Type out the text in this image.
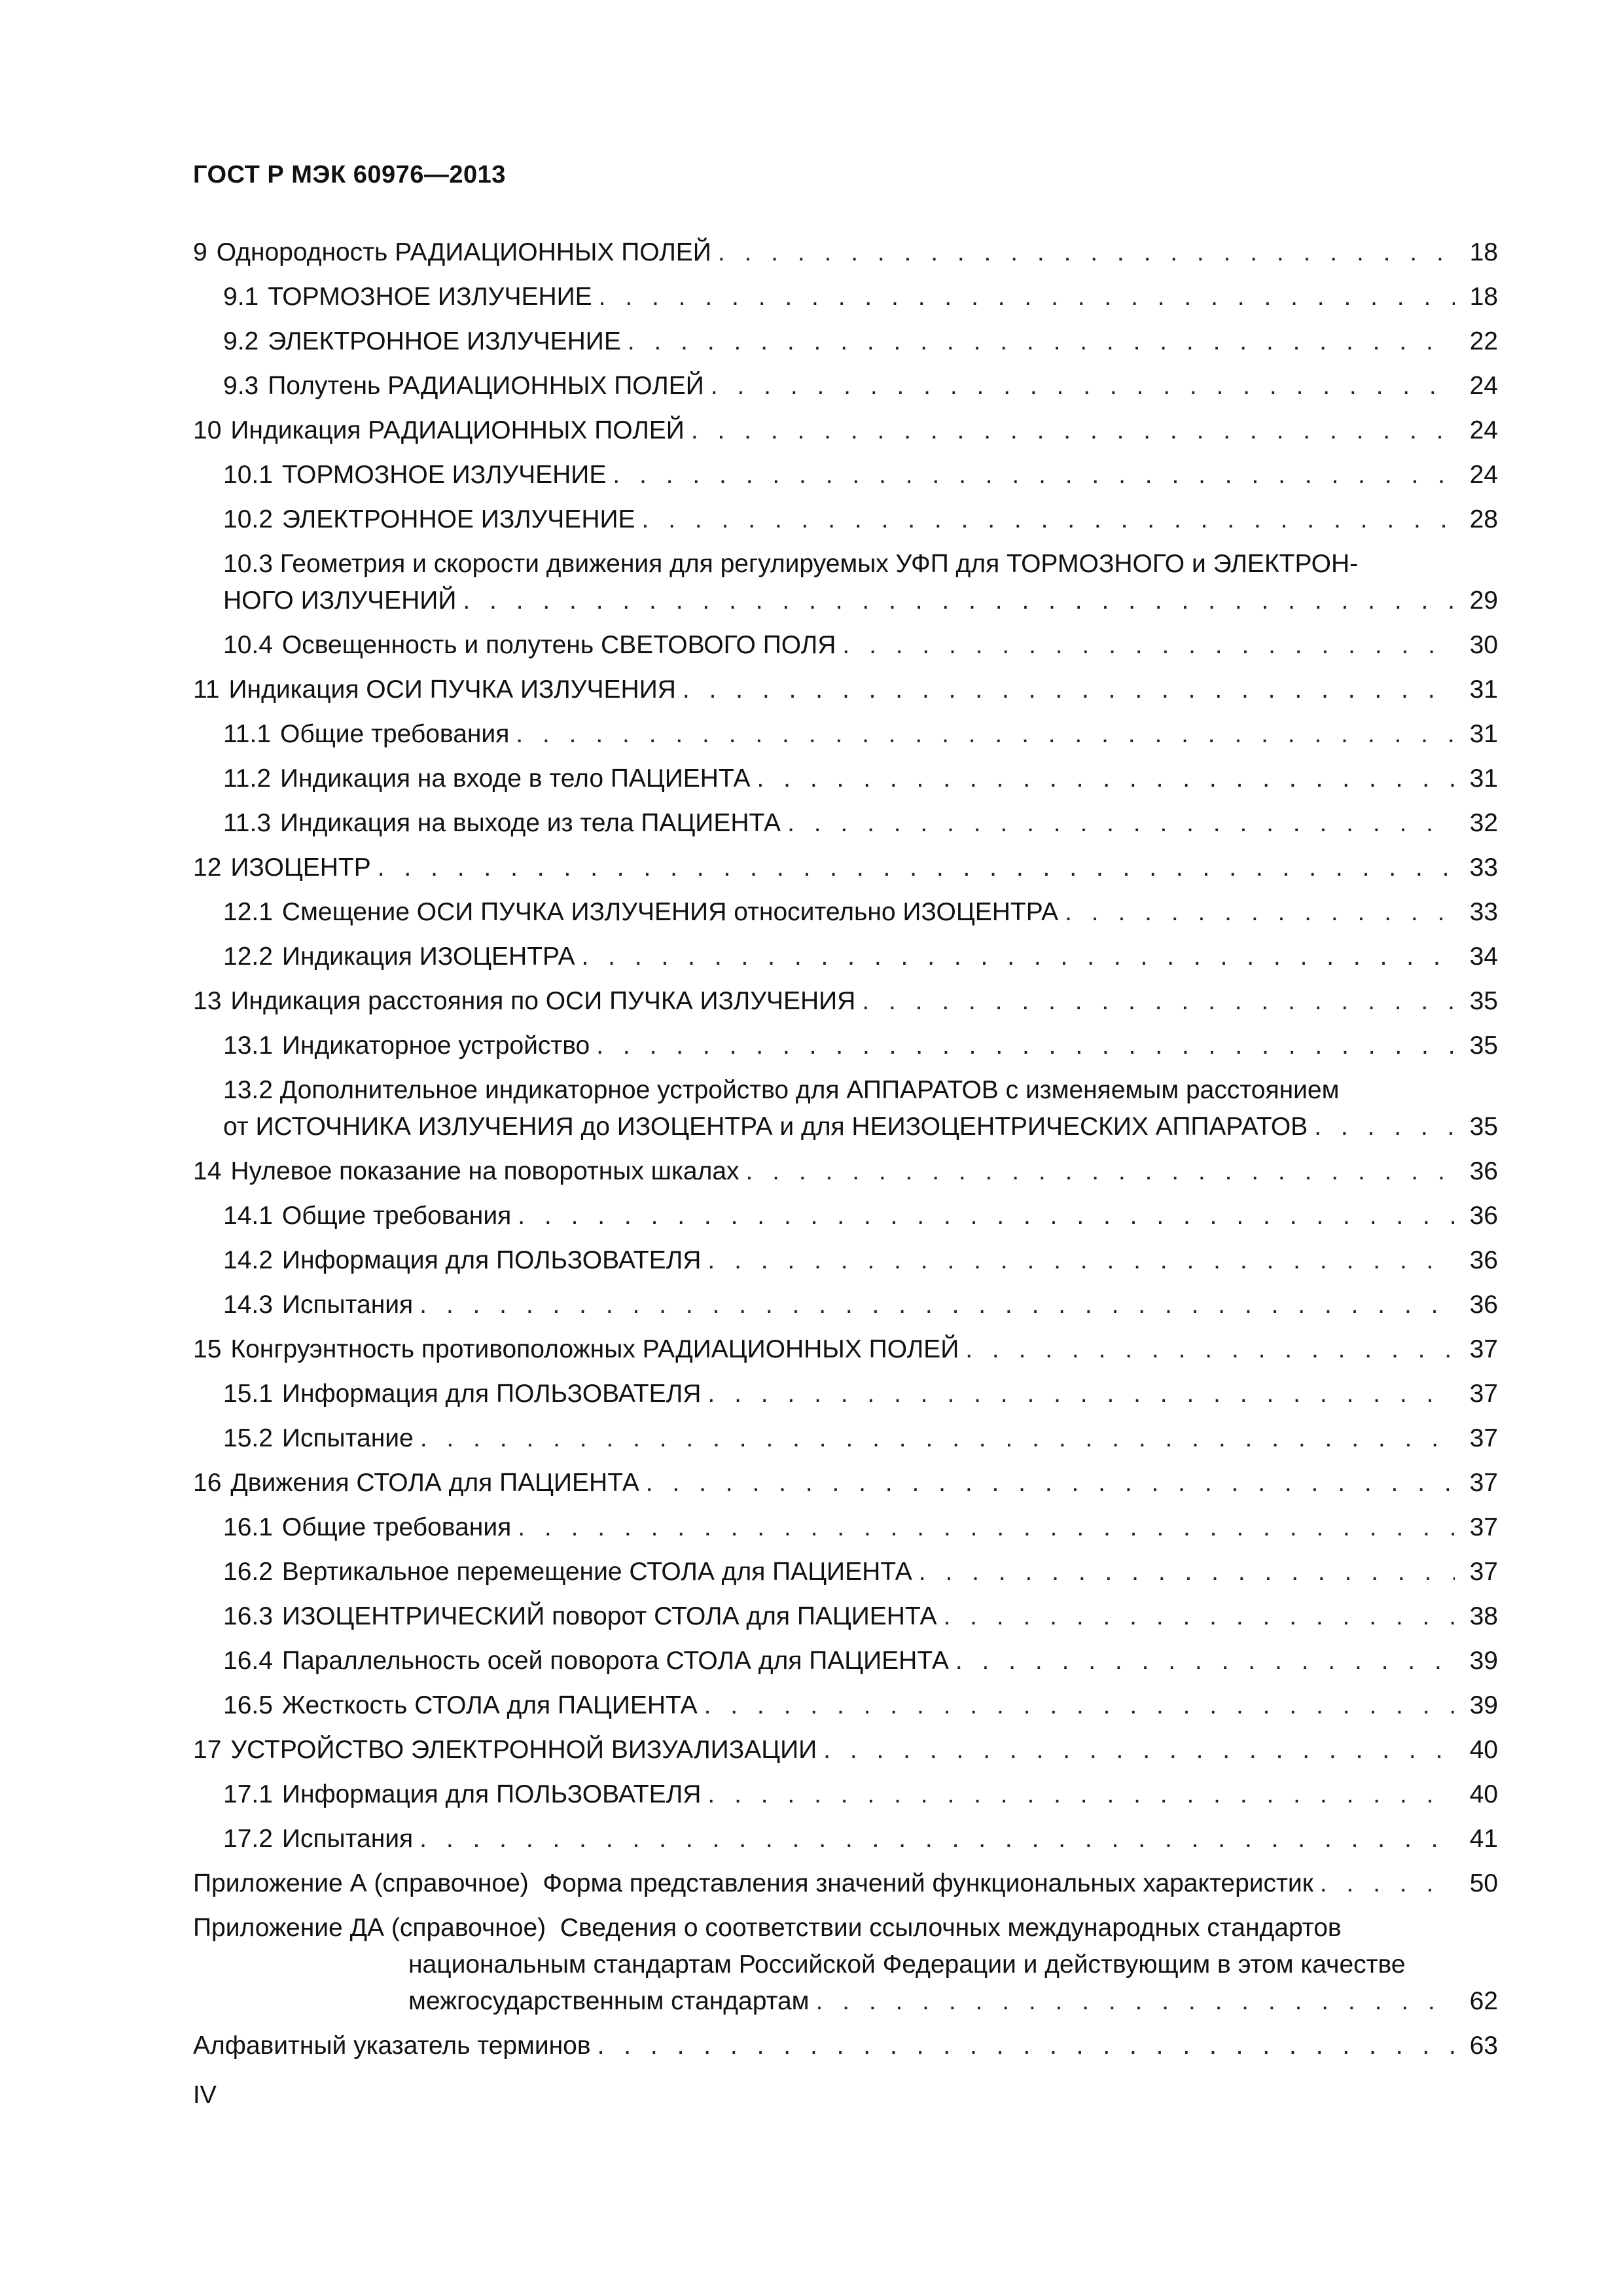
ГОСТ Р МЭК 60976—2013
9 Однородность РАДИАЦИОННЫХ ПОЛЕЙ . . .	18
9.1 ТОРМОЗНОЕ ИЗЛУЧЕНИЕ . . .	18
9.2 ЭЛЕКТРОННОЕ ИЗЛУЧЕНИЕ . . .	22
9.3 Полутень РАДИАЦИОННЫХ ПОЛЕЙ . . .	24
10 Индикация РАДИАЦИОННЫХ ПОЛЕЙ . . .	24
10.1 ТОРМОЗНОЕ ИЗЛУЧЕНИЕ . . .	24
10.2 ЭЛЕКТРОННОЕ ИЗЛУЧЕНИЕ . . .	28
10.3 Геометрия и скорости движения для регулируемых УФП для ТОРМОЗНОГО и ЭЛЕКТРОН-
НОГО ИЗЛУЧЕНИЙ . . .	29
10.4 Освещенность и полутень СВЕТОВОГО ПОЛЯ . . .	30
11 Индикация ОСИ ПУЧКА ИЗЛУЧЕНИЯ . . .	31
11.1 Общие требования . . .	31
11.2 Индикация на входе в тело ПАЦИЕНТА . . .	31
11.3 Индикация на выходе из тела ПАЦИЕНТА . . .	32
12 ИЗОЦЕНТР . . .	33
12.1 Смещение ОСИ ПУЧКА ИЗЛУЧЕНИЯ относительно ИЗОЦЕНТРА . . .	33
12.2 Индикация ИЗОЦЕНТРА . . .	34
13 Индикация расстояния по ОСИ ПУЧКА ИЗЛУЧЕНИЯ . . .	35
13.1 Индикаторное устройство . . .	35
13.2 Дополнительное индикаторное устройство для АППАРАТОВ с изменяемым расстоянием
от ИСТОЧНИКА ИЗЛУЧЕНИЯ до ИЗОЦЕНТРА и для НЕИЗОЦЕНТРИЧЕСКИХ АППАРАТОВ . . .	35
14 Нулевое показание на поворотных шкалах . . .	36
14.1 Общие требования . . .	36
14.2 Информация для ПОЛЬЗОВАТЕЛЯ . . .	36
14.3 Испытания . . .	36
15 Конгруэнтность противоположных РАДИАЦИОННЫХ ПОЛЕЙ . . .	37
15.1 Информация для ПОЛЬЗОВАТЕЛЯ . . .	37
15.2 Испытание . . .	37
16 Движения СТОЛА для ПАЦИЕНТА . . .	37
16.1 Общие требования . . .	37
16.2 Вертикальное перемещение СТОЛА для ПАЦИЕНТА . . .	37
16.3 ИЗОЦЕНТРИЧЕСКИЙ поворот СТОЛА для ПАЦИЕНТА . . .	38
16.4 Параллельность осей поворота СТОЛА для ПАЦИЕНТА . . .	39
16.5 Жесткость СТОЛА для ПАЦИЕНТА . . .	39
17 УСТРОЙСТВО ЭЛЕКТРОННОЙ ВИЗУАЛИЗАЦИИ . . .	40
17.1 Информация для ПОЛЬЗОВАТЕЛЯ . . .	40
17.2 Испытания . . .	41
Приложение А (справочное)  Форма представления значений функциональных характеристик . . .	50
Приложение ДА (справочное)  Сведения о соответствии ссылочных международных стандартов
национальным стандартам Российской Федерации и действующим в этом качестве
межгосударственным стандартам . . .	62
Алфавитный указатель терминов . . .	63
IV
